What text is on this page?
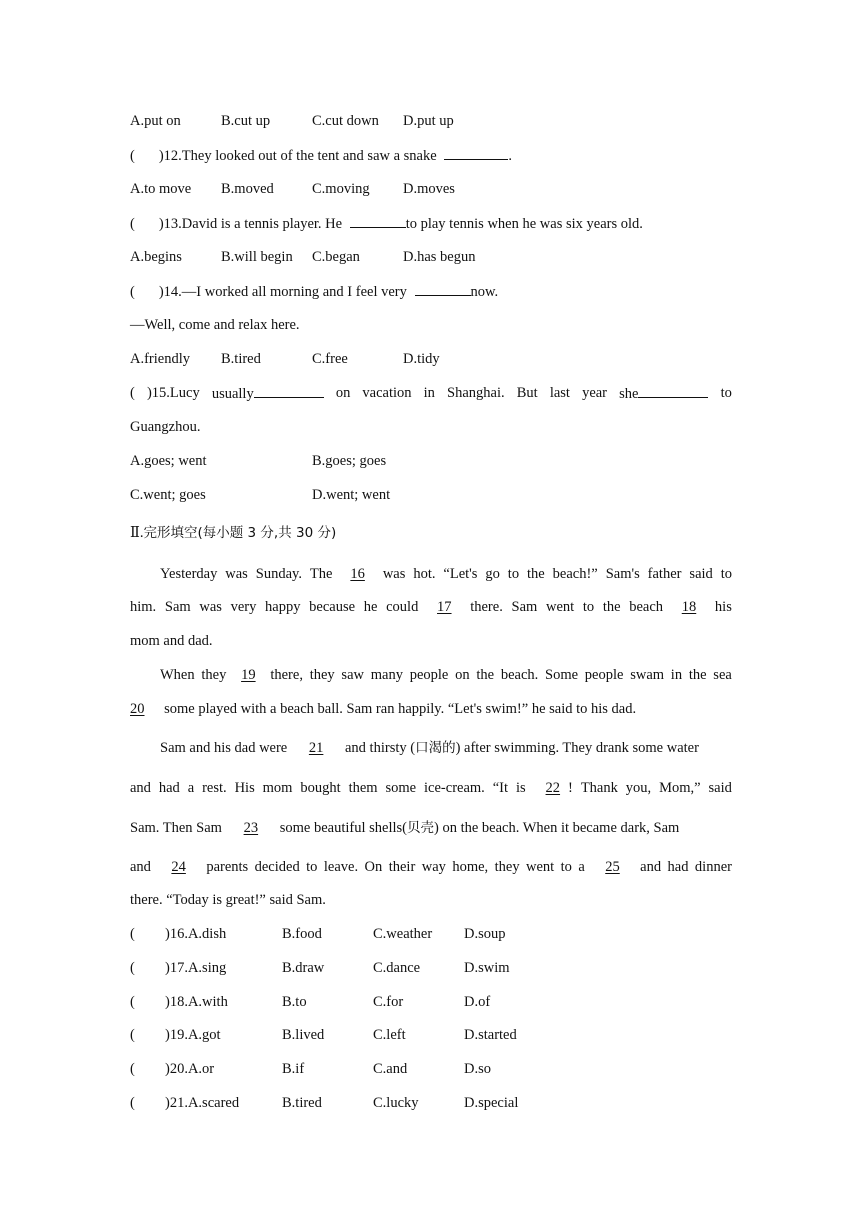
A.put on	B.cut up	C.cut down D.put up
( )12.They looked out of the tent and saw a snake	.
A.to move B.moved	C.moving D.moves
( )13.David is a tennis player. He	to play tennis when he was six years old.
A.begins	B.will begin C.began	D.has begun
( )14.—I worked all morning and I feel very	now.
—Well, come and relax here.
A.friendly B.tired	C.free	D.tidy
( )15.Lucy usually	on vacation in Shanghai. But last year she	to
Guangzhou.
A.goes; went	B.goes; goes
C.went; goes	D.went; went
Ⅱ.完形填空(每小题 3 分,共 30 分)
Yesterday was Sunday. The	16	was hot. “Let's go to the beach!” Sam's father said to
him. Sam was very happy because he could	17	there. Sam went to the beach	18	his
mom and dad.
When they	19	there, they saw many people on the beach. Some people swam in the sea
20 some played with a beach ball. Sam ran happily. “Let's swim!” he said to his dad.
Sam and his dad were 21 and thirsty (口渴的) after swimming. They drank some water
and had a rest. His mom bought them some ice-cream. “It is	22 ! Thank you, Mom,” said
Sam. Then Sam 23 some beautiful shells(贝壳) on the beach. When it became dark, Sam
and	24	parents decided to leave. On their way home, they went to a	25	and had dinner
there. “Today is great!” said Sam.
( )16.A.dish	B.food	C.weather D.soup
( )17.A.sing	B.draw	C.dance	D.swim
( )18.A.with	B.to	C.for	D.of
( )19.A.got	B.lived	C.left	D.started
( )20.A.or	B.if	C.and	D.so
( )21.A.scared	B.tired	C.lucky	D.special
